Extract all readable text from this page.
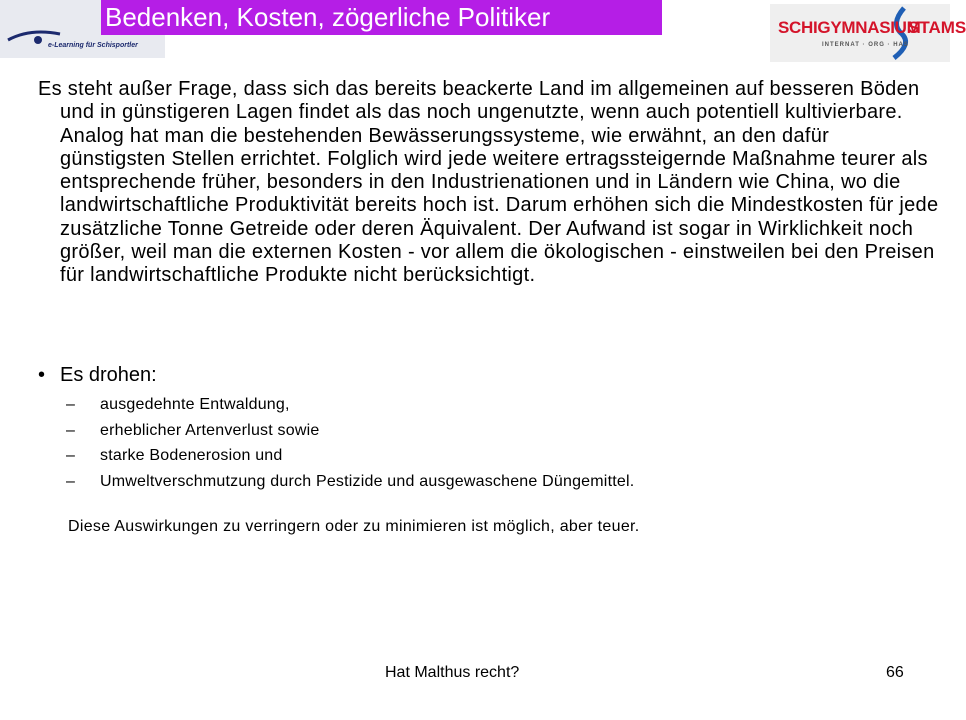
e-Learning für Schisportler
Bedenken, Kosten, zögerliche Politiker	SCHIGYMNASIUM
STAMS
INTERNAT · ORG · HAS

Es steht außer Frage, dass sich das bereits beackerte Land im allgemeinen auf besseren Böden und in günstigeren Lagen findet als das noch ungenutzte, wenn auch potentiell kultivierbare. Analog hat man die bestehenden Bewässerungssysteme, wie erwähnt, an den dafür günstigsten Stellen errichtet. Folglich wird jede weitere ertragssteigernde Maßnahme teurer als entsprechende früher, besonders in den Industrienationen und in Ländern wie China, wo die landwirtschaftliche Produktivität bereits hoch ist. Darum erhöhen sich die Mindestkosten für jede zusätzliche Tonne Getreide oder deren Äquivalent. Der Aufwand ist sogar in Wirklichkeit noch größer, weil man die externen Kosten - vor allem die ökologischen - einstweilen bei den Preisen für landwirtschaftliche Produkte nicht berücksichtigt.

• Es drohen:
– ausgedehnte Entwaldung,
– erheblicher Artenverlust sowie
– starke Bodenerosion und
– Umweltverschmutzung durch Pestizide und ausgewaschene Düngemittel.
Diese Auswirkungen zu verringern oder zu minimieren ist möglich, aber teuer.
Hat Malthus recht?	66
